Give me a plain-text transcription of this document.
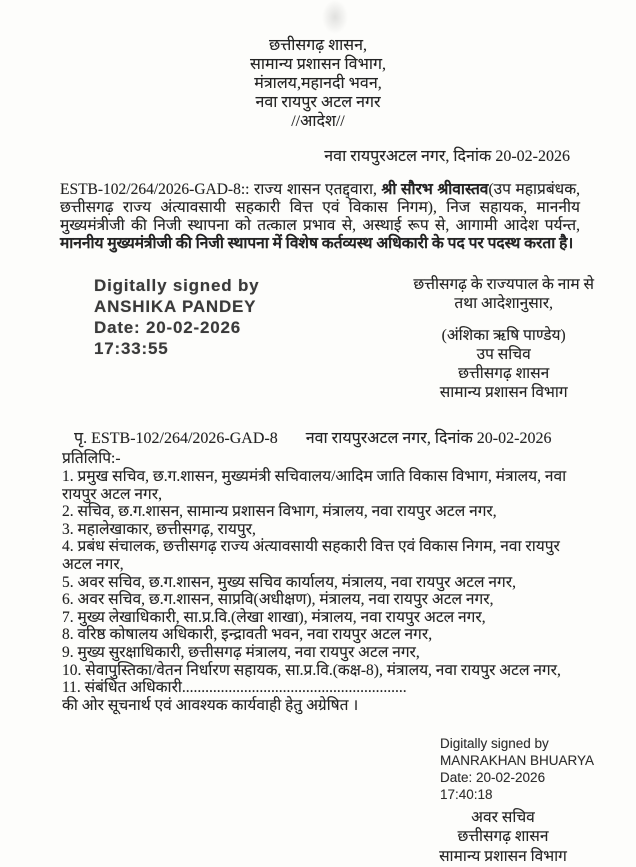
छत्तीसगढ़ शासन,
सामान्य प्रशासन विभाग,
मंत्रालय,महानदी भवन,
नवा रायपुर अटल नगर
//आदेश//
नवा रायपुरअटल नगर, दिनांक 20-02-2026

ESTB-102/264/2026-GAD-8:: राज्य शासन एतद्द्वारा, श्री सौरभ श्रीवास्तव(उप महाप्रबंधक, छत्तीसगढ़ राज्य अंत्यावसायी सहकारी वित्त एवं विकास निगम), निज सहायक, माननीय मुख्यमंत्रीजी की निजी स्थापना को तत्काल प्रभाव से, अस्थाई रूप से, आगामी आदेश पर्यन्त, माननीय मुख्यमंत्रीजी की निजी स्थापना में विशेष कर्तव्यस्थ अधिकारी के पद पर पदस्थ करता है।

Digitally signed by
ANSHIKA PANDEY
Date: 20-02-2026
17:33:55
छत्तीसगढ़ के राज्यपाल के नाम से
तथा आदेशानुसार,
(अंशिका ऋषि पाण्डेय)
उप सचिव
छत्तीसगढ़ शासन
सामान्य प्रशासन विभाग
पृ. ESTB-102/264/2026-GAD-8 नवा रायपुरअटल नगर, दिनांक 20-02-2026
प्रतिलिपि:-

1. प्रमुख सचिव, छ.ग.शासन, मुख्यमंत्री सचिवालय/आदिम जाति विकास विभाग, मंत्रालय, नवा रायपुर अटल नगर,

2. सचिव, छ.ग.शासन, सामान्य प्रशासन विभाग, मंत्रालय, नवा रायपुर अटल नगर,

3. महालेखाकार, छत्तीसगढ़, रायपुर,

4. प्रबंध संचालक, छत्तीसगढ़ राज्य अंत्यावसायी सहकारी वित्त एवं विकास निगम, नवा रायपुर अटल नगर,

5. अवर सचिव, छ.ग.शासन, मुख्य सचिव कार्यालय, मंत्रालय, नवा रायपुर अटल नगर,

6. अवर सचिव, छ.ग.शासन, साप्रवि(अधीक्षण), मंत्रालय, नवा रायपुर अटल नगर,

7. मुख्य लेखाधिकारी, सा.प्र.वि.(लेखा शाखा), मंत्रालय, नवा रायपुर अटल नगर,

8. वरिष्ठ कोषालय अधिकारी, इन्द्रावती भवन, नवा रायपुर अटल नगर,

9. मुख्य सुरक्षाधिकारी, छत्तीसगढ़ मंत्रालय, नवा रायपुर अटल नगर,

10. सेवापुस्तिका/वेतन निर्धारण सहायक, सा.प्र.वि.(कक्ष-8), मंत्रालय, नवा रायपुर अटल नगर,

11. संबंधित अधिकारी..........................................................

की ओर सूचनार्थ एवं आवश्यक कार्यवाही हेतु अग्रेषित ।
Digitally signed by
MANRAKHAN BHUARYA
Date: 20-02-2026
17:40:18
अवर सचिव
छत्तीसगढ़ शासन
सामान्य प्रशासन विभाग
